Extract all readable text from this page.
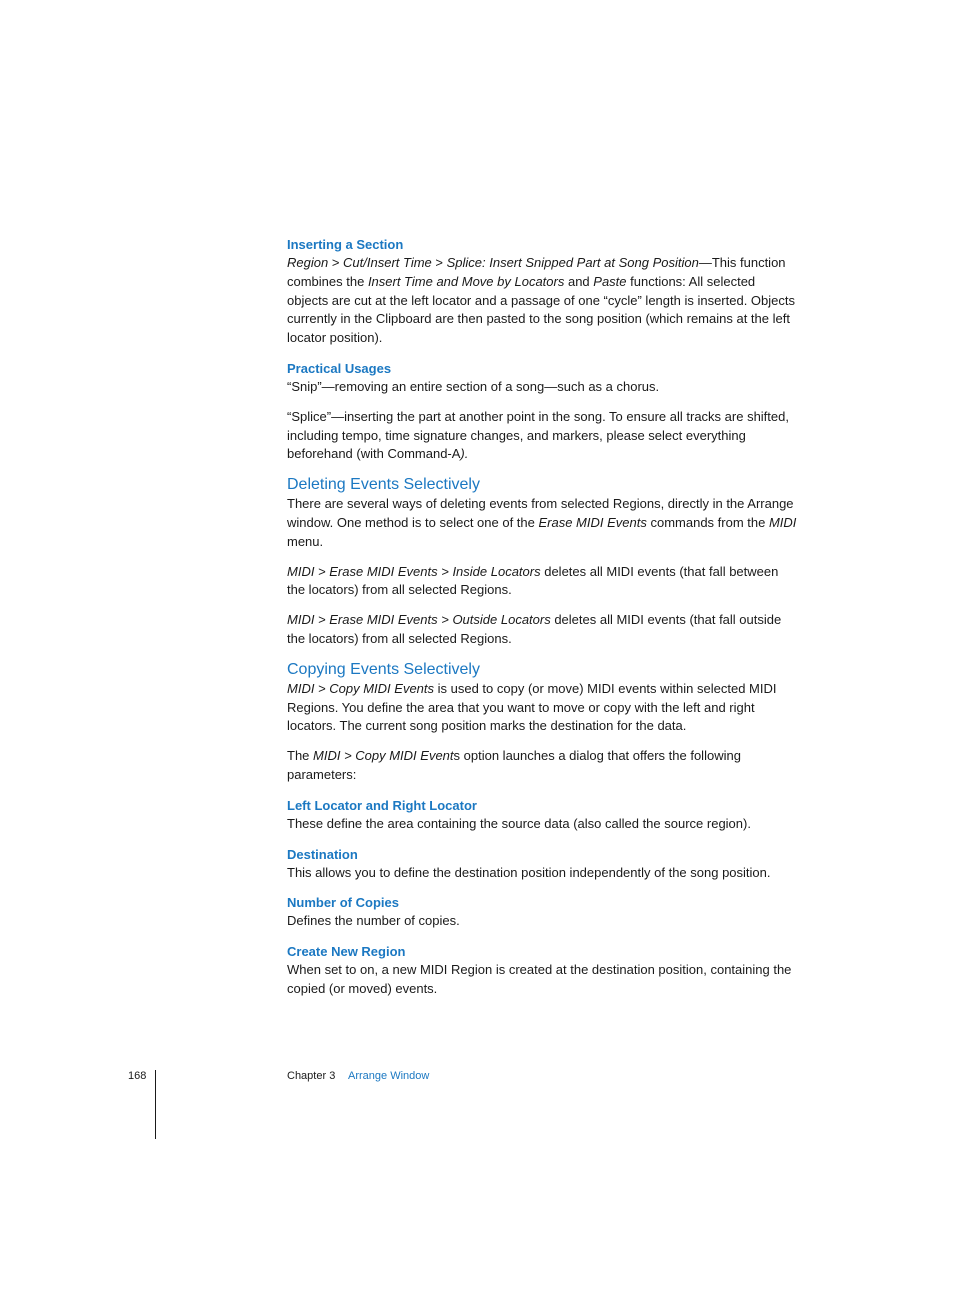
Inserting a Section

Region > Cut/Insert Time > Splice: Insert Snipped Part at Song Position—This function combines the Insert Time and Move by Locators and Paste functions: All selected objects are cut at the left locator and a passage of one “cycle” length is inserted. Objects currently in the Clipboard are then pasted to the song position (which remains at the left locator position).

Practical Usages

“Snip”—removing an entire section of a song—such as a chorus.

“Splice”—inserting the part at another point in the song. To ensure all tracks are shifted, including tempo, time signature changes, and markers, please select everything beforehand (with Command-A).

Deleting Events Selectively

There are several ways of deleting events from selected Regions, directly in the Arrange window. One method is to select one of the Erase MIDI Events commands from the MIDI menu.

MIDI > Erase MIDI Events > Inside Locators deletes all MIDI events (that fall between the locators) from all selected Regions.

MIDI > Erase MIDI Events > Outside Locators deletes all MIDI events (that fall outside the locators) from all selected Regions.

Copying Events Selectively

MIDI > Copy MIDI Events is used to copy (or move) MIDI events within selected MIDI Regions. You define the area that you want to move or copy with the left and right locators. The current song position marks the destination for the data.

The MIDI > Copy MIDI Events option launches a dialog that offers the following parameters:

Left Locator and Right Locator

These define the area containing the source data (also called the source region).

Destination

This allows you to define the destination position independently of the song position.

Number of Copies

Defines the number of copies.

Create New Region

When set to on, a new MIDI Region is created at the destination position, containing the copied (or moved) events.

168	Chapter 3 Arrange Window
